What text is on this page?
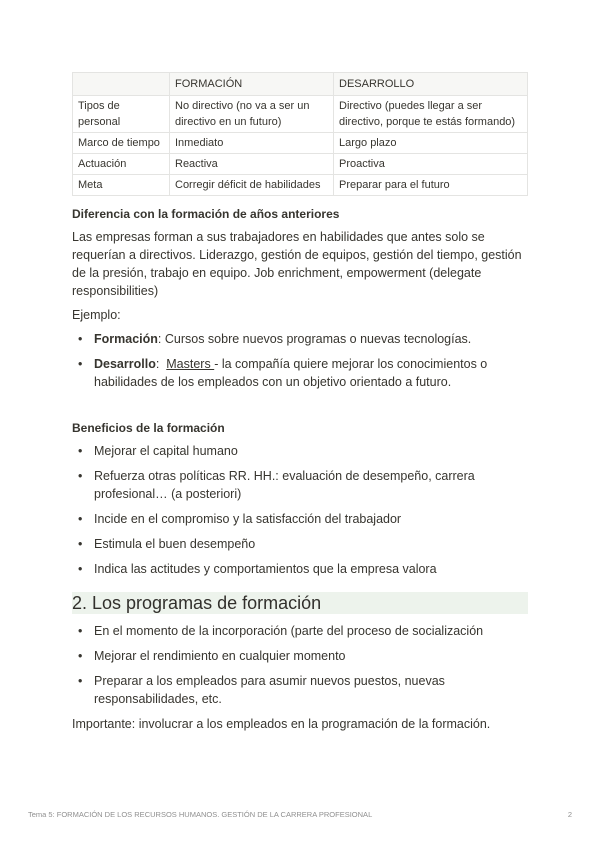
	FORMACIÓN	DESARROLLO
Tipos de personal	No directivo (no va a ser un directivo en un futuro)	Directivo (puedes llegar a ser directivo, porque te estás formando)
Marco de tiempo	Inmediato	Largo plazo
Actuación	Reactiva	Proactiva
Meta	Corregir déficit de habilidades	Preparar para el futuro
Diferencia con la formación de años anteriores

Las empresas forman a sus trabajadores en habilidades que antes solo se requerían a directivos. Liderazgo, gestión de equipos, gestión del tiempo, gestión de la presión, trabajo en equipo. Job enrichment, empowerment (delegate responsibilities)

Ejemplo:

• Formación: Cursos sobre nuevos programas o nuevas tecnologías.
• Desarrollo:  Masters - la compañía quiere mejorar los conocimientos o habilidades de los empleados con un objetivo orientado a futuro.
Beneficios de la formación
• Mejorar el capital humano
• Refuerza otras políticas RR. HH.: evaluación de desempeño, carrera profesional… (a posteriori)
• Incide en el compromiso y la satisfacción del trabajador
• Estimula el buen desempeño
• Indica las actitudes y comportamientos que la empresa valora
2. Los programas de formación
• En el momento de la incorporación (parte del proceso de socialización
• Mejorar el rendimiento en cualquier momento
• Preparar a los empleados para asumir nuevos puestos, nuevas responsabilidades, etc.

Importante: involucrar a los empleados en la programación de la formación.

Tema 5: FORMACIÓN DE LOS RECURSOS HUMANOS. GESTIÓN DE LA CARRERA PROFESIONAL	2
